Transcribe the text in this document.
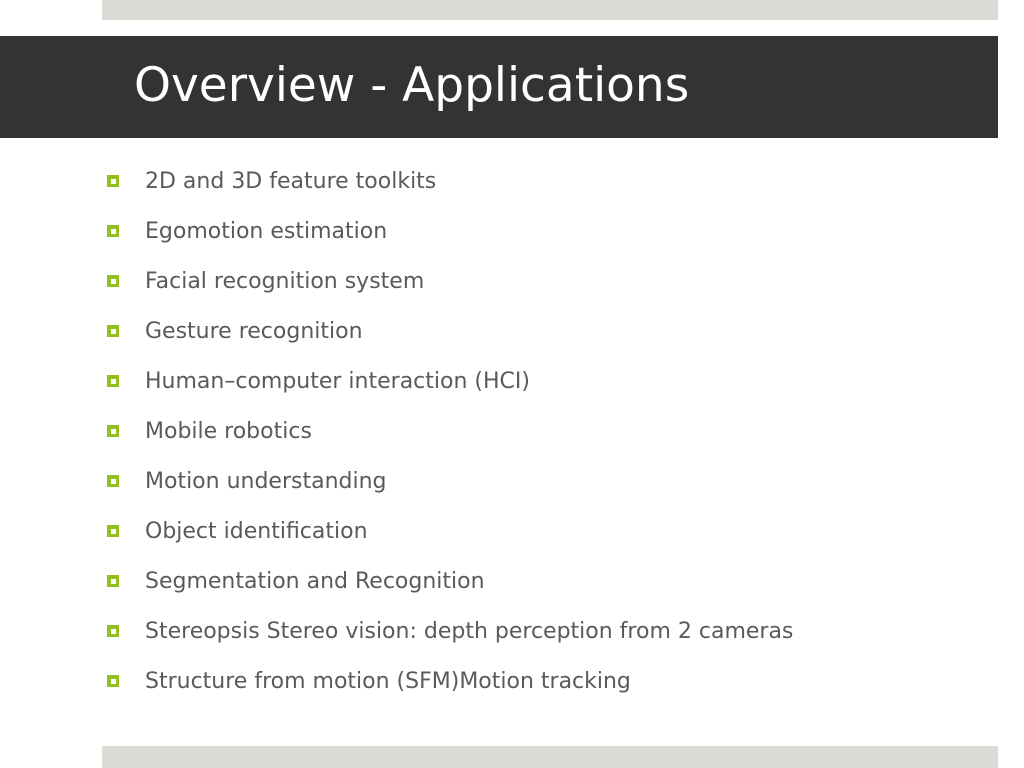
Overview - Applications
2D and 3D feature toolkits
Egomotion estimation
Facial recognition system
Gesture recognition
Human–computer interaction (HCI)
Mobile robotics
Motion understanding
Object identification
Segmentation and Recognition
Stereopsis Stereo vision: depth perception from 2 cameras
Structure from motion (SFM)Motion tracking
